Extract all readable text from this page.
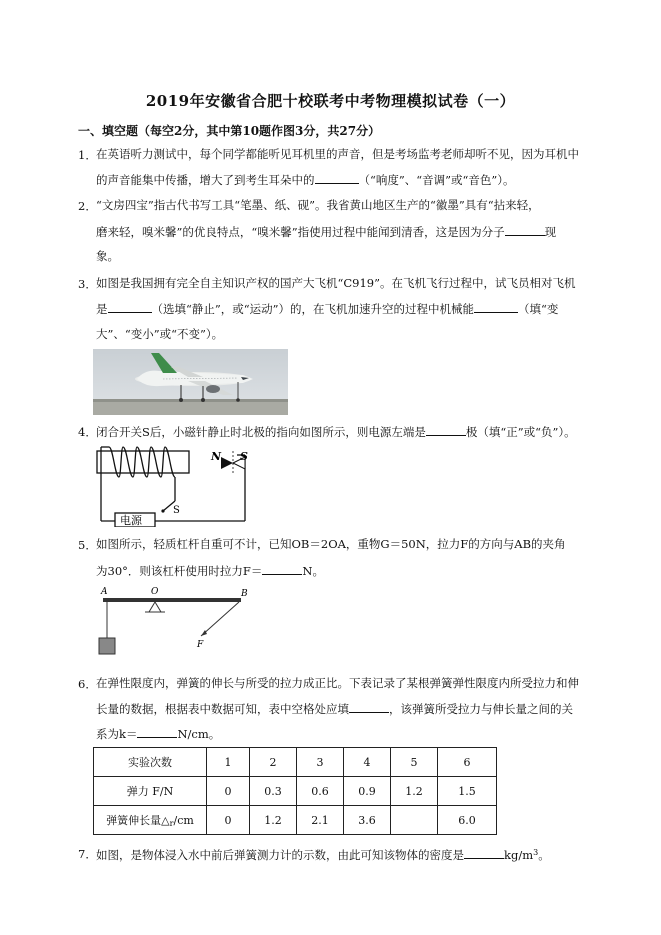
2019年安徽省合肥十校联考中考物理模拟试卷（一）
一、填空题（每空2分，其中第10题作图3分，共27分）
1． 在英语听力测试中，每个同学都能听见耳机里的声音，但是考场监考老师却听不见，因为耳机中
的声音能集中传播，增大了到考生耳朵中的	（“响度”、“音调”或“音色”）。
2． “文房四宝”指古代书写工具“笔墨、纸、砚”。我省黄山地区生产的“徽墨”具有“拈来轻，
磨来轻，嗅米馨”的优良特点，“嗅米馨”指使用过程中能闻到清香，这是因为分子	现
象。
3． 如图是我国拥有完全自主知识产权的国产大飞机“C919”。在飞机飞行过程中，试飞员相对飞机
是	（选填“静止”，或“运动”）的，在飞机加速升空的过程中机械能	（填“变
大”、“变小”或“不变”）。
4． 闭合开关S后，小磁针静止时北极的指向如图所示，则电源左端是	极（填“正”或“负”）。
N S
S
电源
5． 如图所示，轻质杠杆自重可不计，已知OB＝2OA，重物G＝50N，拉力F的方向与AB的夹角
为30°．则该杠杆使用时拉力F＝	N。
A	O	B
F
6． 在弹性限度内，弹簧的伸长与所受的拉力成正比。下表记录了某根弹簧弹性限度内所受拉力和伸
长量的数据，根据表中数据可知，表中空格处应填	，该弹簧所受拉力与伸长量之间的关
系为k＝	N/cm。
实验次数	1	2	3	4	5	6
弹力 F/N	0	0.3	0.6	0.9	1.2	1.5
弹簧伸长量$\triangle_r/cm$	0	1.2	2.1	3.6		6.0
7． 如图，是物体浸入水中前后弹簧测力计的示数，由此可知该物体的密度是	$kg/m^3$。
